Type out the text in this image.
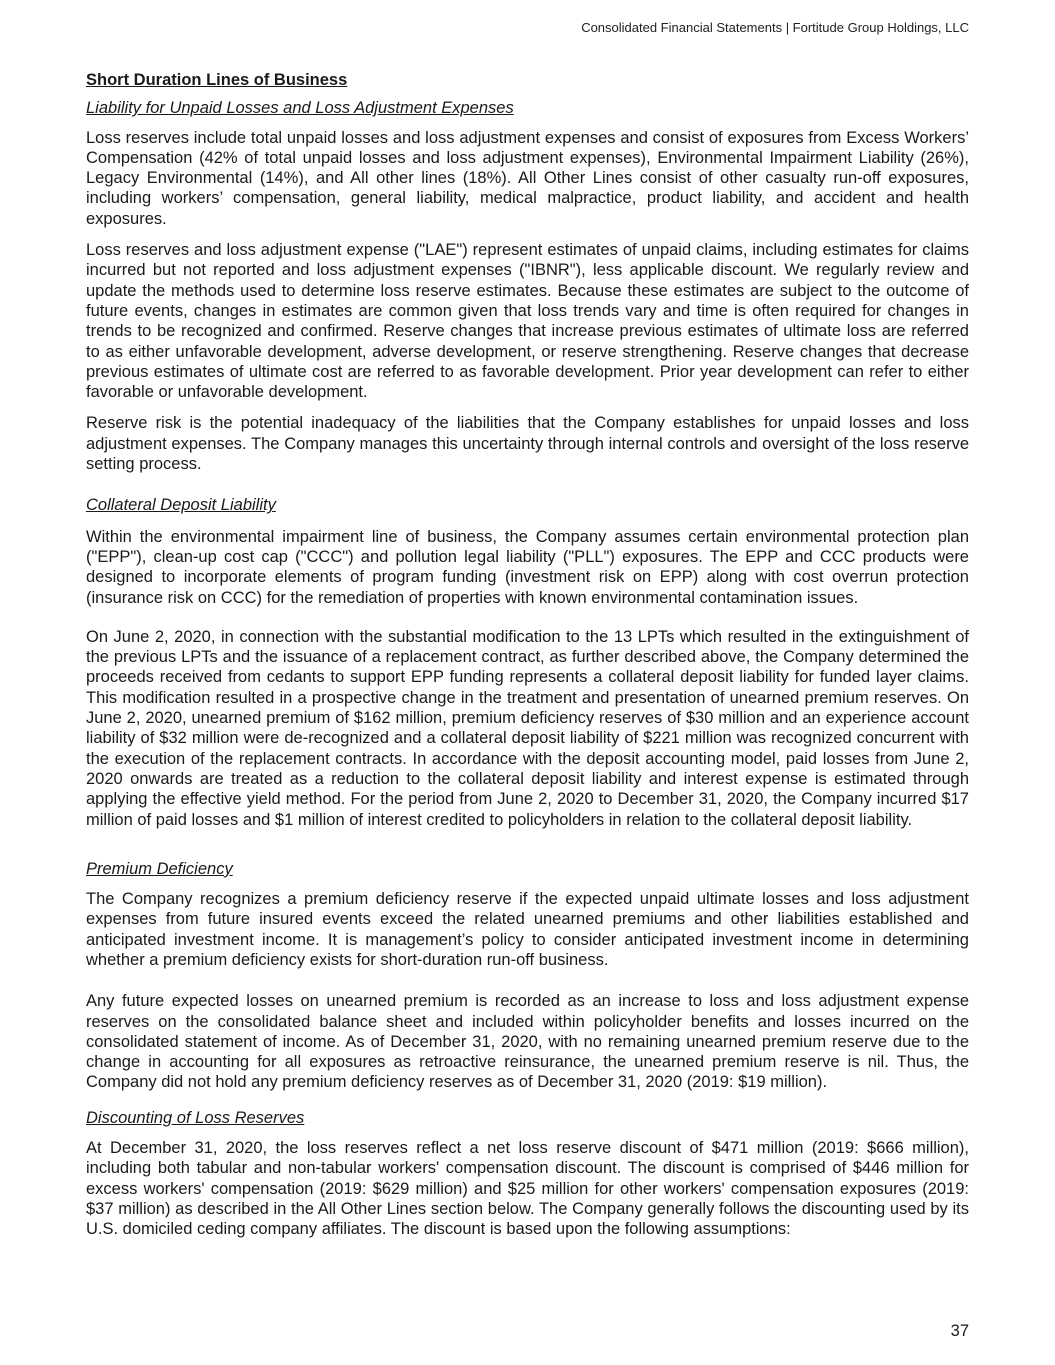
Consolidated Financial Statements | Fortitude Group Holdings, LLC
Short Duration Lines of Business
Liability for Unpaid Losses and Loss Adjustment Expenses

Loss reserves include total unpaid losses and loss adjustment expenses and consist of exposures from Excess Workers’ Compensation (42% of total unpaid losses and loss adjustment expenses), Environmental Impairment Liability (26%), Legacy Environmental (14%), and All other lines (18%). All Other Lines consist of other casualty run-off exposures, including workers’ compensation, general liability, medical malpractice, product liability, and accident and health exposures.

Loss reserves and loss adjustment expense ("LAE") represent estimates of unpaid claims, including estimates for claims incurred but not reported and loss adjustment expenses ("IBNR"), less applicable discount. We regularly review and update the methods used to determine loss reserve estimates. Because these estimates are subject to the outcome of future events, changes in estimates are common given that loss trends vary and time is often required for changes in trends to be recognized and confirmed. Reserve changes that increase previous estimates of ultimate loss are referred to as either unfavorable development, adverse development, or reserve strengthening. Reserve changes that decrease previous estimates of ultimate cost are referred to as favorable development. Prior year development can refer to either favorable or unfavorable development.

Reserve risk is the potential inadequacy of the liabilities that the Company establishes for unpaid losses and loss adjustment expenses. The Company manages this uncertainty through internal controls and oversight of the loss reserve setting process.

Collateral Deposit Liability

Within the environmental impairment line of business, the Company assumes certain environmental protection plan ("EPP"), clean-up cost cap ("CCC") and pollution legal liability ("PLL") exposures. The EPP and CCC products were designed to incorporate elements of program funding (investment risk on EPP) along with cost overrun protection (insurance risk on CCC) for the remediation of properties with known environmental contamination issues.

On June 2, 2020, in connection with the substantial modification to the 13 LPTs which resulted in the extinguishment of the previous LPTs and the issuance of a replacement contract, as further described above, the Company determined the proceeds received from cedants to support EPP funding represents a collateral deposit liability for funded layer claims. This modification resulted in a prospective change in the treatment and presentation of unearned premium reserves. On June 2, 2020, unearned premium of $162 million, premium deficiency reserves of $30 million and an experience account liability of $32 million were de-recognized and a collateral deposit liability of $221 million was recognized concurrent with the execution of the replacement contracts. In accordance with the deposit accounting model, paid losses from June 2, 2020 onwards are treated as a reduction to the collateral deposit liability and interest expense is estimated through applying the effective yield method. For the period from June 2, 2020 to December 31, 2020, the Company incurred $17 million of paid losses and $1 million of interest credited to policyholders in relation to the collateral deposit liability.

Premium Deficiency

The Company recognizes a premium deficiency reserve if the expected unpaid ultimate losses and loss adjustment expenses from future insured events exceed the related unearned premiums and other liabilities established and anticipated investment income. It is management’s policy to consider anticipated investment income in determining whether a premium deficiency exists for short-duration run-off business.

Any future expected losses on unearned premium is recorded as an increase to loss and loss adjustment expense reserves on the consolidated balance sheet and included within policyholder benefits and losses incurred on the consolidated statement of income. As of December 31, 2020, with no remaining unearned premium reserve due to the change in accounting for all exposures as retroactive reinsurance, the unearned premium reserve is nil. Thus, the Company did not hold any premium deficiency reserves as of December 31, 2020 (2019: $19 million).

Discounting of Loss Reserves

At December 31, 2020, the loss reserves reflect a net loss reserve discount of $471 million (2019: $666 million), including both tabular and non-tabular workers' compensation discount. The discount is comprised of $446 million for excess workers' compensation (2019: $629 million) and $25 million for other workers' compensation exposures (2019: $37 million) as described in the All Other Lines section below. The Company generally follows the discounting used by its U.S. domiciled ceding company affiliates. The discount is based upon the following assumptions:

37
